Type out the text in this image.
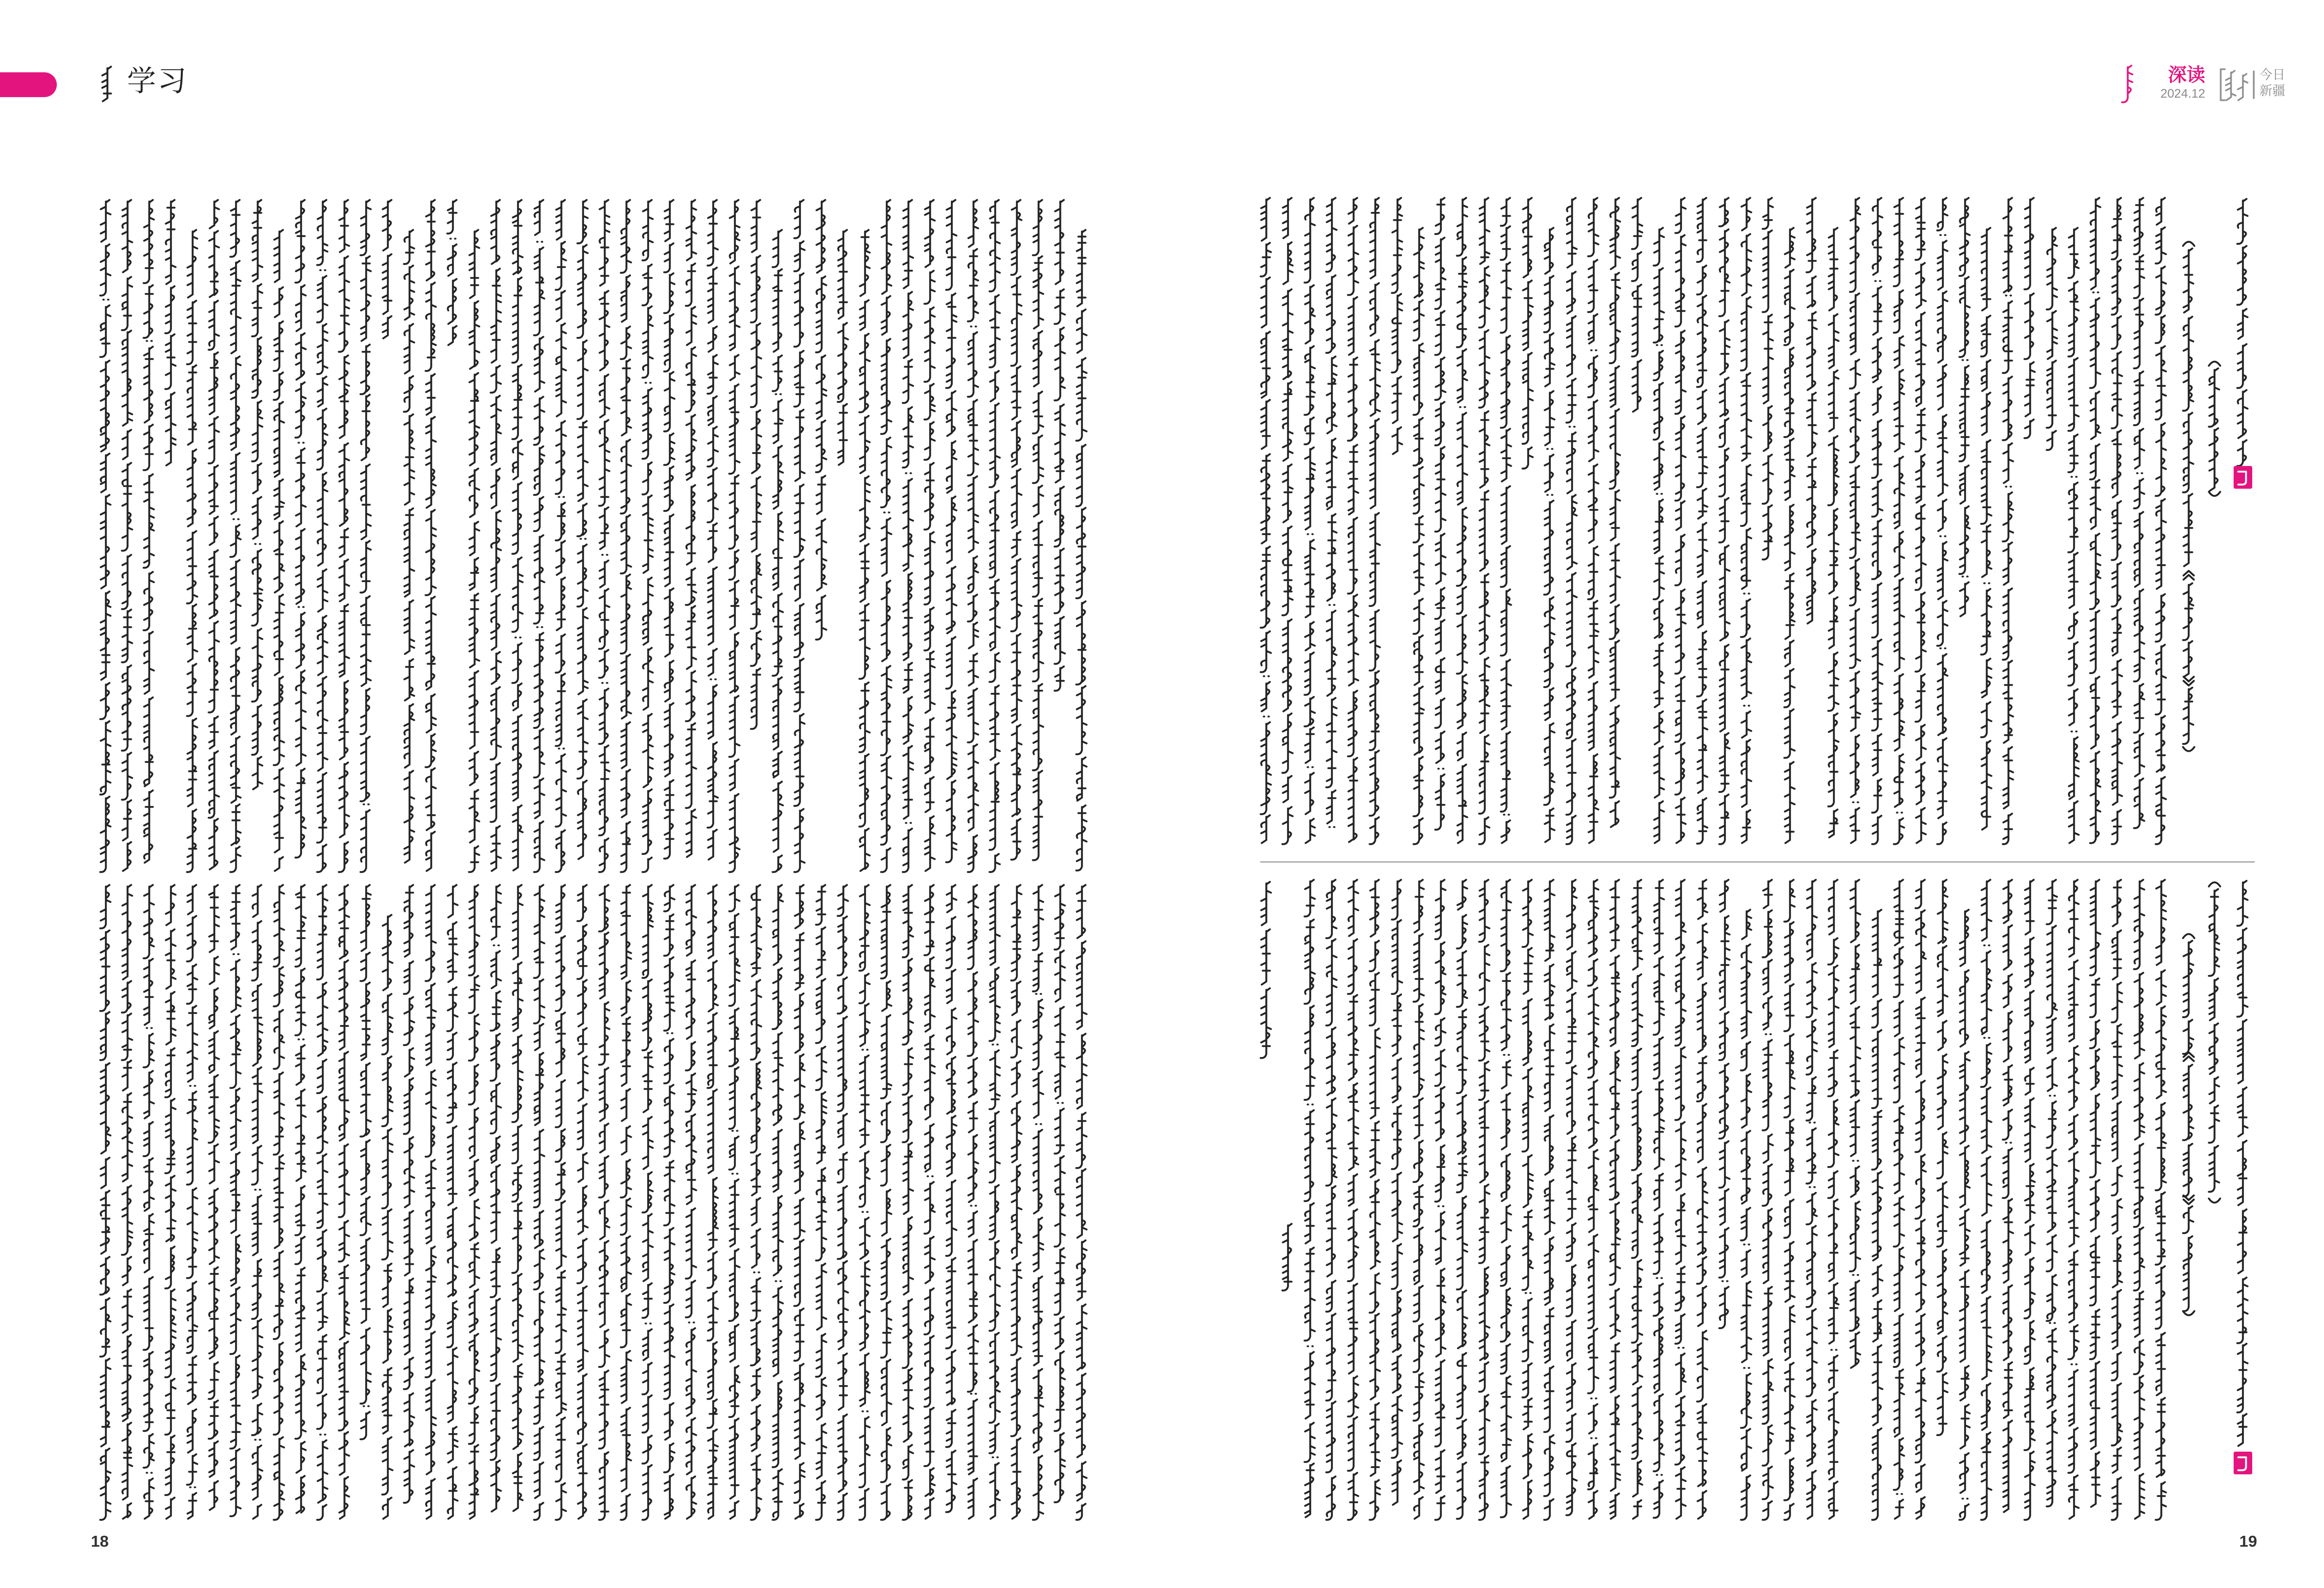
学习
18
深读
2024.12
今日
新疆
19
